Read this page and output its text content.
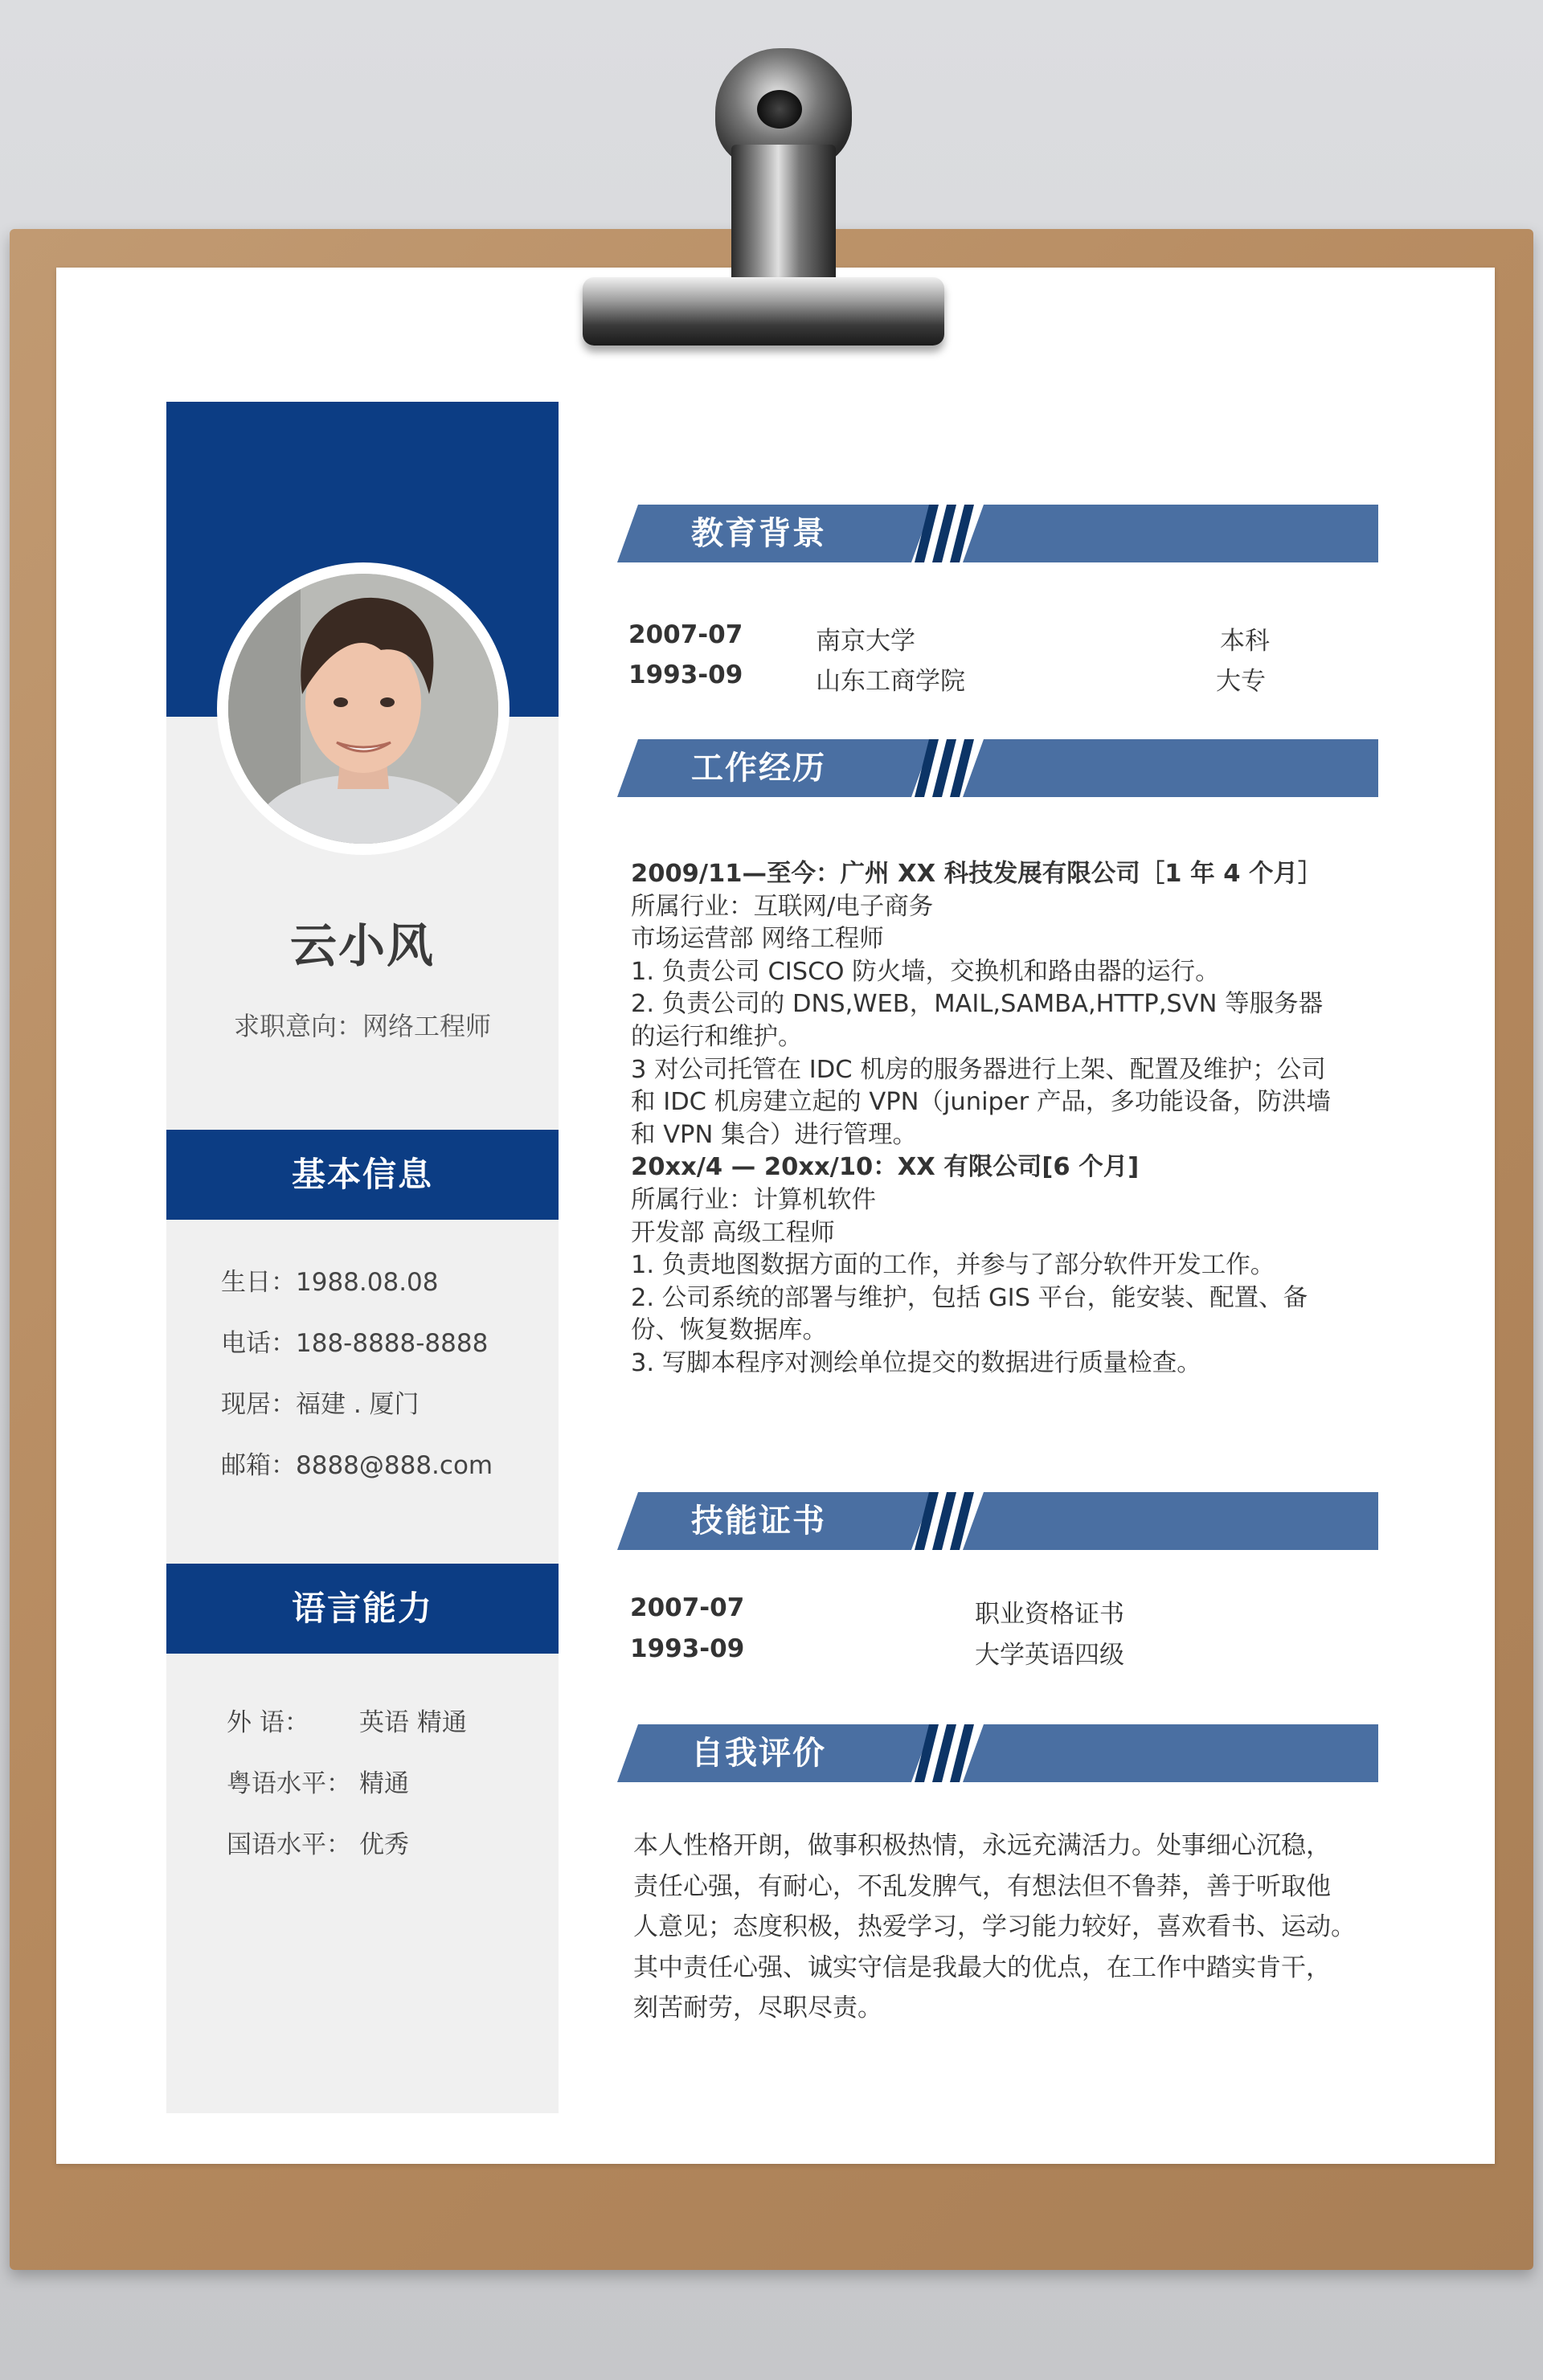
云小风
求职意向：网络工程师
基本信息
生日：1988.08.08
电话：188-8888-8888
现居：福建 . 厦门
邮箱：8888@888.com
语言能力
外 语： 英语 精通
粤语水平： 精通
国语水平： 优秀
教育背景
2007-07	南京大学	本科
1993-09	山东工商学院	大专
工作经历

2009/11—至今：广州 XX 科技发展有限公司［1 年 4 个月］

所属行业：互联网/电子商务

市场运营部 网络工程师

1. 负责公司 CISCO 防火墙，交换机和路由器的运行。

2. 负责公司的 DNS,WEB，MAIL,SAMBA,HTTP,SVN 等服务器

的运行和维护。

3 对公司托管在 IDC 机房的服务器进行上架、配置及维护；公司

和 IDC 机房建立起的 VPN（juniper 产品，多功能设备，防洪墙

和 VPN 集合）进行管理。

20xx/4 — 20xx/10：XX 有限公司[6 个月]

所属行业：计算机软件

开发部 高级工程师

1. 负责地图数据方面的工作，并参与了部分软件开发工作。

2. 公司系统的部署与维护，包括 GIS 平台，能安装、配置、备

份、恢复数据库。

3. 写脚本程序对测绘单位提交的数据进行质量检查。

技能证书
2007-07	职业资格证书
1993-09	大学英语四级
自我评价

本人性格开朗，做事积极热情，永远充满活力。处事细心沉稳，

责任心强，有耐心，不乱发脾气，有想法但不鲁莽，善于听取他

人意见；态度积极，热爱学习，学习能力较好，喜欢看书、运动。

其中责任心强、诚实守信是我最大的优点，在工作中踏实肯干，

刻苦耐劳，尽职尽责。
